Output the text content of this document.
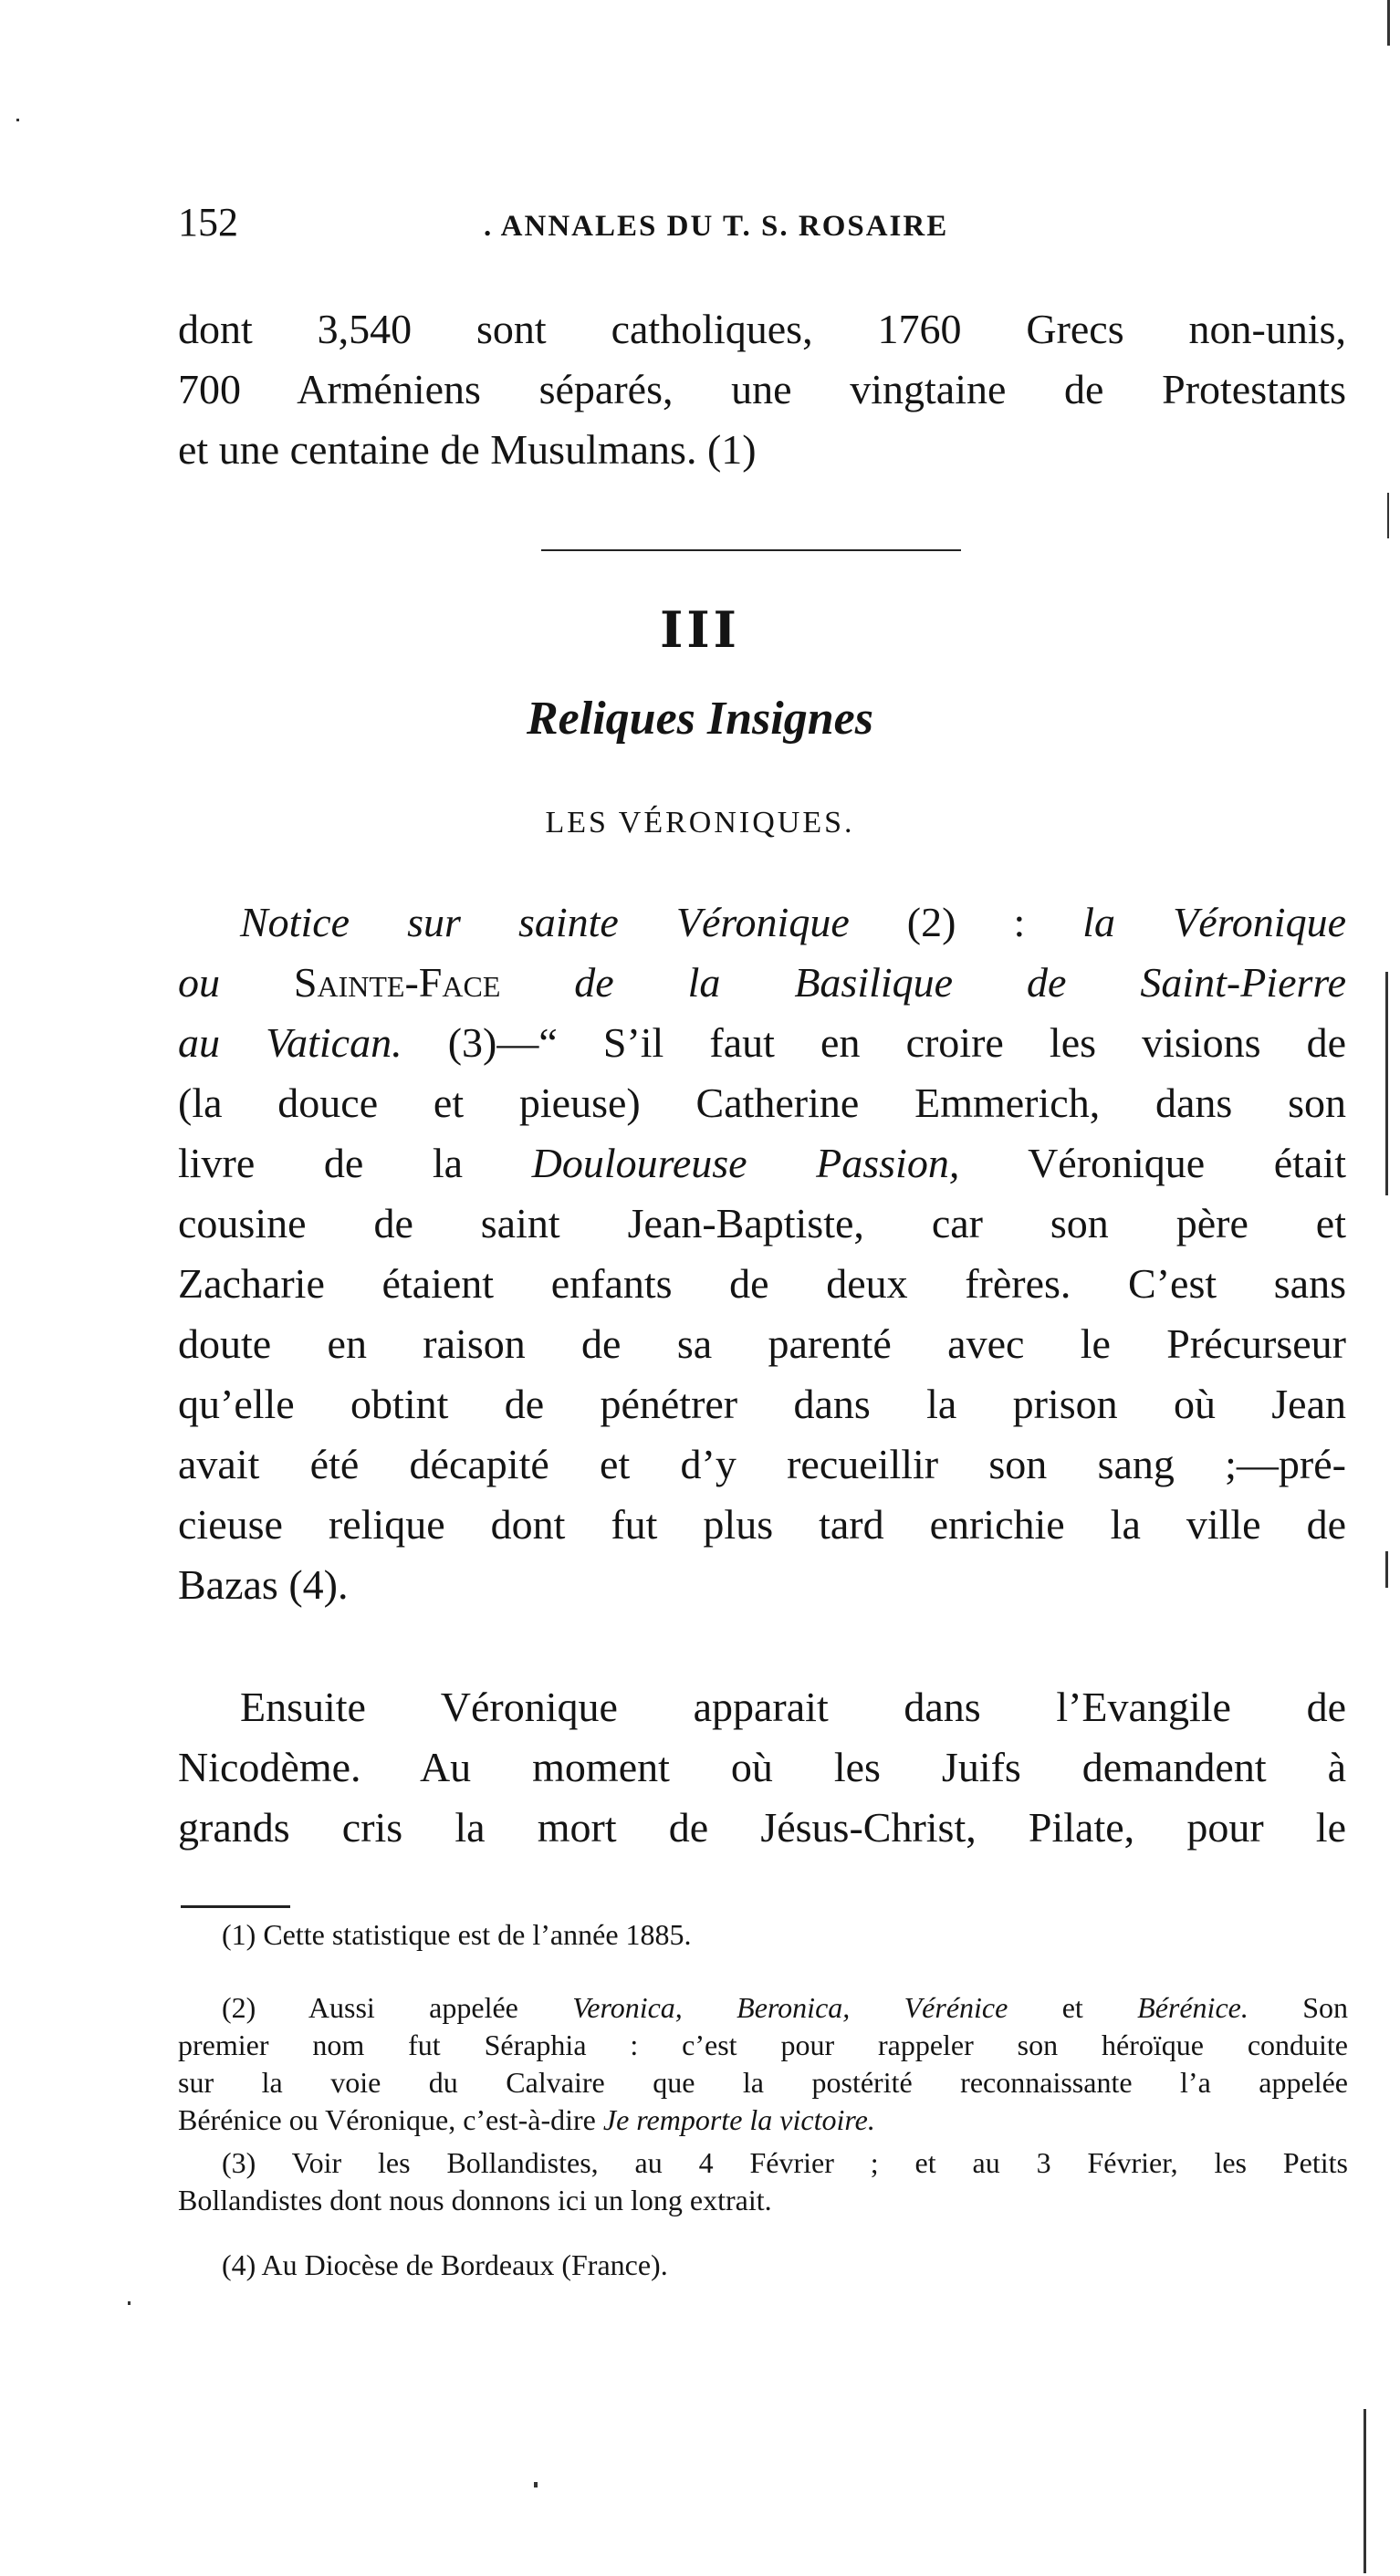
152	. ANNALES DU T. S. ROSAIRE
dont 3,540 sont catholiques, 1760 Grecs non-unis,
700 Arméniens séparés, une vingtaine de Protestants
et une centaine de Musulmans. (1)
III
Reliques Insignes
LES VÉRONIQUES.
Notice sur sainte Véronique (2) : la Véronique
ou Sainte-Face de la Basilique de Saint-Pierre
au Vatican. (3)—“ S’il faut en croire les visions de
(la douce et pieuse) Catherine Emmerich, dans son
livre de la Douloureuse Passion, Véronique était
cousine de saint Jean-Baptiste, car son père et
Zacharie étaient enfants de deux frères. C’est sans
doute en raison de sa parenté avec le Précurseur
qu’elle obtint de pénétrer dans la prison où Jean
avait été décapité et d’y recueillir son sang ;—pré-
cieuse relique dont fut plus tard enrichie la ville de
Bazas (4).
Ensuite Véronique apparait dans l’Evangile de
Nicodème. Au moment où les Juifs demandent à
grands cris la mort de Jésus-Christ, Pilate, pour le
(1) Cette statistique est de l’année 1885.
(2) Aussi appelée Veronica, Beronica, Vérénice et Bérénice. Son
premier nom fut Séraphia : c’est pour rappeler son héroïque conduite
sur la voie du Calvaire que la postérité reconnaissante l’a appelée
Bérénice ou Véronique, c’est-à-dire Je remporte la victoire.
(3) Voir les Bollandistes, au 4 Février ; et au 3 Février, les Petits
Bollandistes dont nous donnons ici un long extrait.
(4) Au Diocèse de Bordeaux (France).
